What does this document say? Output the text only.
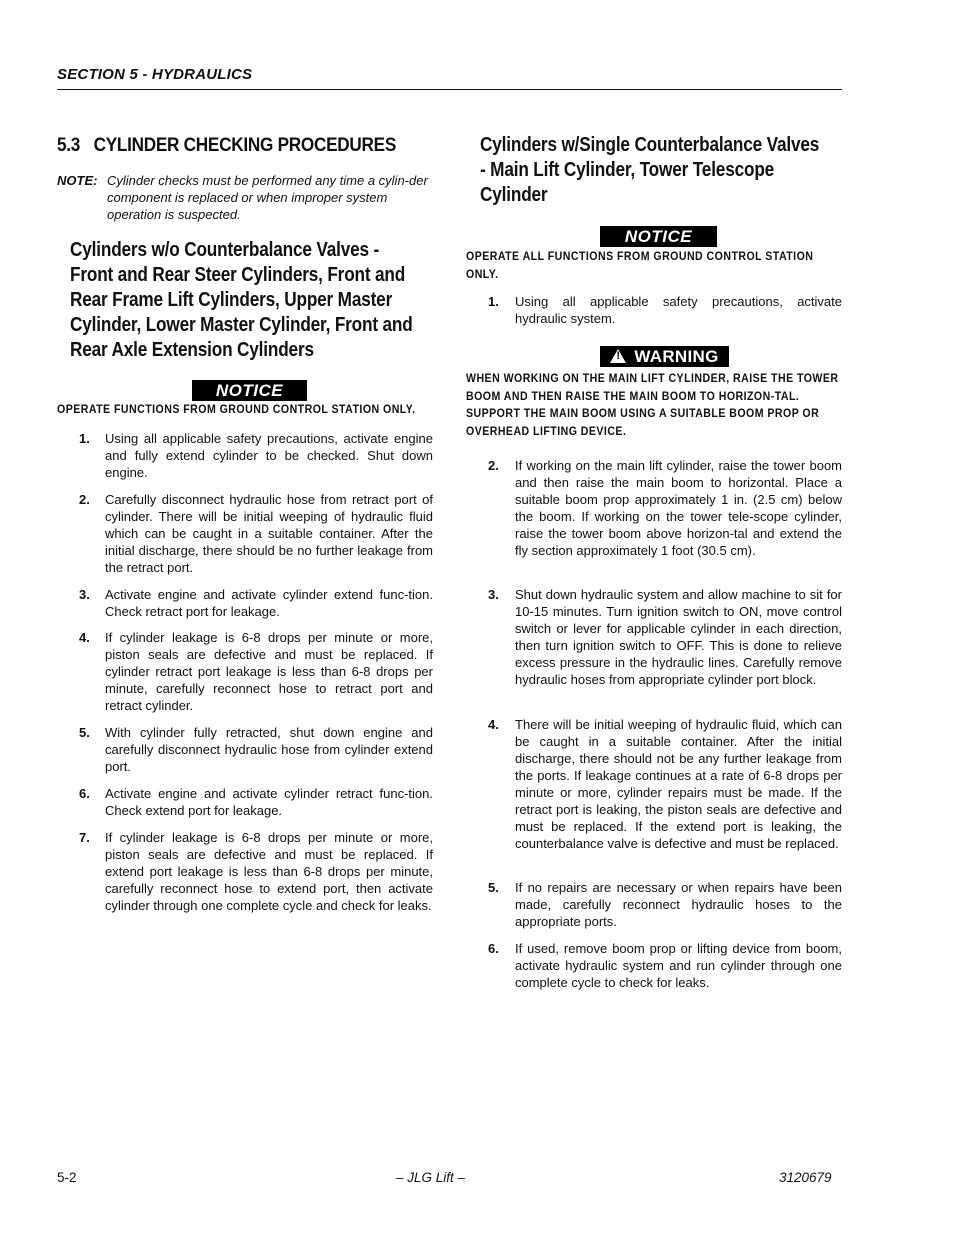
SECTION 5 - HYDRAULICS
5.3   CYLINDER CHECKING PROCEDURES
NOTE: Cylinder checks must be performed any time a cylin-der component is replaced or when improper system operation is suspected.
Cylinders w/o Counterbalance Valves -
Front and Rear Steer Cylinders, Front and
Rear Frame Lift Cylinders, Upper Master
Cylinder, Lower Master Cylinder, Front and
Rear Axle Extension Cylinders
NOTICE
OPERATE FUNCTIONS FROM GROUND CONTROL STATION ONLY.
1. Using all applicable safety precautions, activate engine and fully extend cylinder to be checked. Shut down engine.
2. Carefully disconnect hydraulic hose from retract port of cylinder. There will be initial weeping of hydraulic fluid which can be caught in a suitable container. After the initial discharge, there should be no further leakage from the retract port.
3. Activate engine and activate cylinder extend func-tion. Check retract port for leakage.
4. If cylinder leakage is 6-8 drops per minute or more, piston seals are defective and must be replaced. If cylinder retract port leakage is less than 6-8 drops per minute, carefully reconnect hose to retract port and retract cylinder.
5. With cylinder fully retracted, shut down engine and carefully disconnect hydraulic hose from cylinder extend port.
6. Activate engine and activate cylinder retract func-tion. Check extend port for leakage.
7. If cylinder leakage is 6-8 drops per minute or more, piston seals are defective and must be replaced. If extend port leakage is less than 6-8 drops per minute, carefully reconnect hose to extend port, then activate cylinder through one complete cycle and check for leaks.
Cylinders w/Single Counterbalance Valves
- Main Lift Cylinder, Tower Telescope
Cylinder
NOTICE
OPERATE ALL FUNCTIONS FROM GROUND CONTROL STATION ONLY.
1. Using all applicable safety precautions, activate hydraulic system.
!WARNING
WHEN WORKING ON THE MAIN LIFT CYLINDER, RAISE THE TOWER BOOM AND THEN RAISE THE MAIN BOOM TO HORIZON-TAL. SUPPORT THE MAIN BOOM USING A SUITABLE BOOM PROP OR OVERHEAD LIFTING DEVICE.
2. If working on the main lift cylinder, raise the tower boom and then raise the main boom to horizontal. Place a suitable boom prop approximately 1 in. (2.5 cm) below the boom. If working on the tower tele-scope cylinder, raise the tower boom above horizon-tal and extend the fly section approximately 1 foot (30.5 cm).
3. Shut down hydraulic system and allow machine to sit for 10-15 minutes. Turn ignition switch to ON, move control switch or lever for applicable cylinder in each direction, then turn ignition switch to OFF. This is done to relieve excess pressure in the hydraulic lines. Carefully remove hydraulic hoses from appropriate cylinder port block.
4. There will be initial weeping of hydraulic fluid, which can be caught in a suitable container. After the initial discharge, there should not be any further leakage from the ports. If leakage continues at a rate of 6-8 drops per minute or more, cylinder repairs must be made. If the retract port is leaking, the piston seals are defective and must be replaced. If the extend port is leaking, the counterbalance valve is defective and must be replaced.
5. If no repairs are necessary or when repairs have been made, carefully reconnect hydraulic hoses to the appropriate ports.
6. If used, remove boom prop or lifting device from boom, activate hydraulic system and run cylinder through one complete cycle to check for leaks.
5-2	– JLG Lift –	3120679
